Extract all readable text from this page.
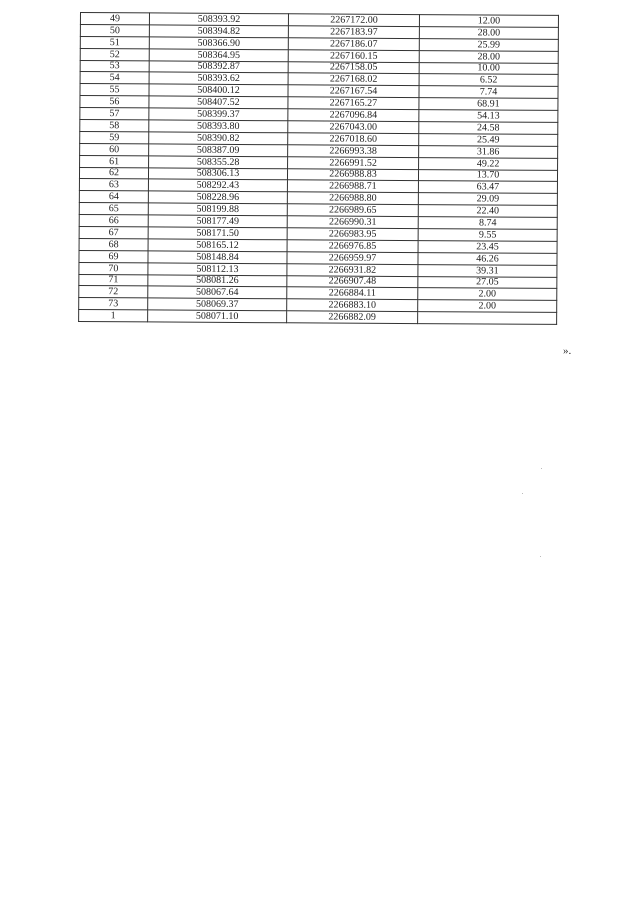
49	508393.92	2267172.00	12.00
50	508394.82	2267183.97	28.00
51	508366.90	2267186.07	25.99
52	508364.95	2267160.15	28.00
53	508392.87	2267158.05	10.00
54	508393.62	2267168.02	6.52
55	508400.12	2267167.54	7.74
56	508407.52	2267165.27	68.91
57	508399.37	2267096.84	54.13
58	508393.80	2267043.00	24.58
59	508390.82	2267018.60	25.49
60	508387.09	2266993.38	31.86
61	508355.28	2266991.52	49.22
62	508306.13	2266988.83	13.70
63	508292.43	2266988.71	63.47
64	508228.96	2266988.80	29.09
65	508199.88	2266989.65	22.40
66	508177.49	2266990.31	8.74
67	508171.50	2266983.95	9.55
68	508165.12	2266976.85	23.45
69	508148.84	2266959.97	46.26
70	508112.13	2266931.82	39.31
71	508081.26	2266907.48	27.05
72	508067.64	2266884.11	2.00
73	508069.37	2266883.10	2.00
1	508071.10	2266882.09	
».
